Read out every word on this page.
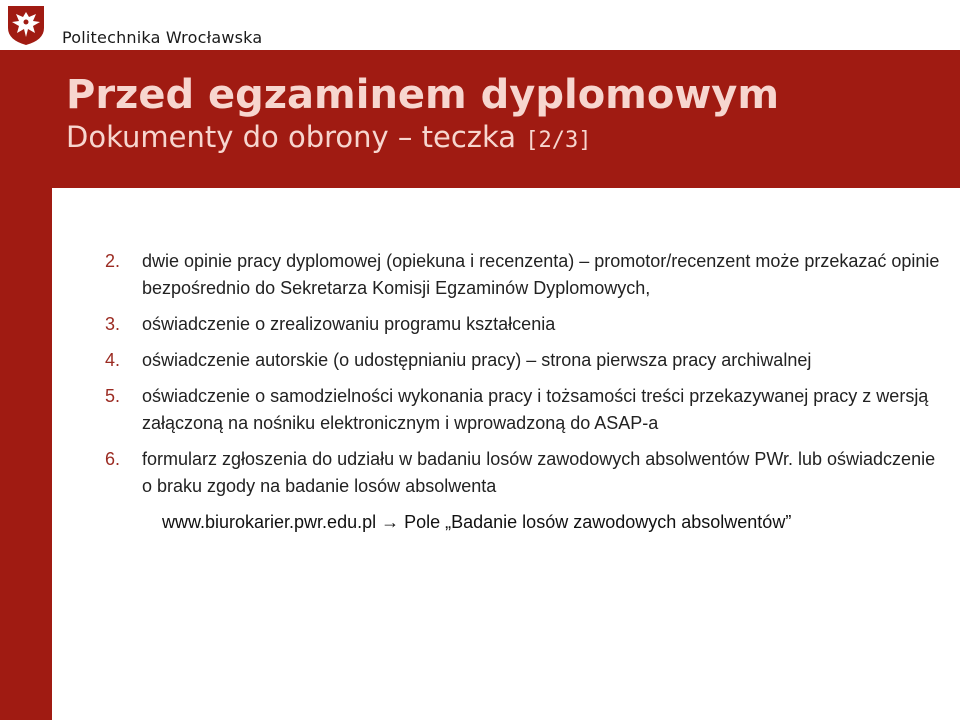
Politechnika Wrocławska
Przed egzaminem dyplomowym
Dokumenty do obrony – teczka [2/3]
2.	dwie opinie pracy dyplomowej (opiekuna i recenzenta) – promotor/recenzent może przekazać opinie bezpośrednio do Sekretarza Komisji Egzaminów Dyplomowych,
3.	oświadczenie o zrealizowaniu programu kształcenia
4.	oświadczenie autorskie (o udostępnianiu pracy) – strona pierwsza pracy archiwalnej
5.	oświadczenie o samodzielności wykonania pracy i tożsamości treści przekazywanej pracy z wersją załączoną na nośniku elektronicznym i wprowadzoną do ASAP-a
6.	formularz zgłoszenia do udziału w badaniu losów zawodowych absolwentów PWr. lub oświadczenie o braku zgody na badanie losów absolwenta
www.biurokarier.pwr.edu.pl → Pole „Badanie losów zawodowych absolwentów”
